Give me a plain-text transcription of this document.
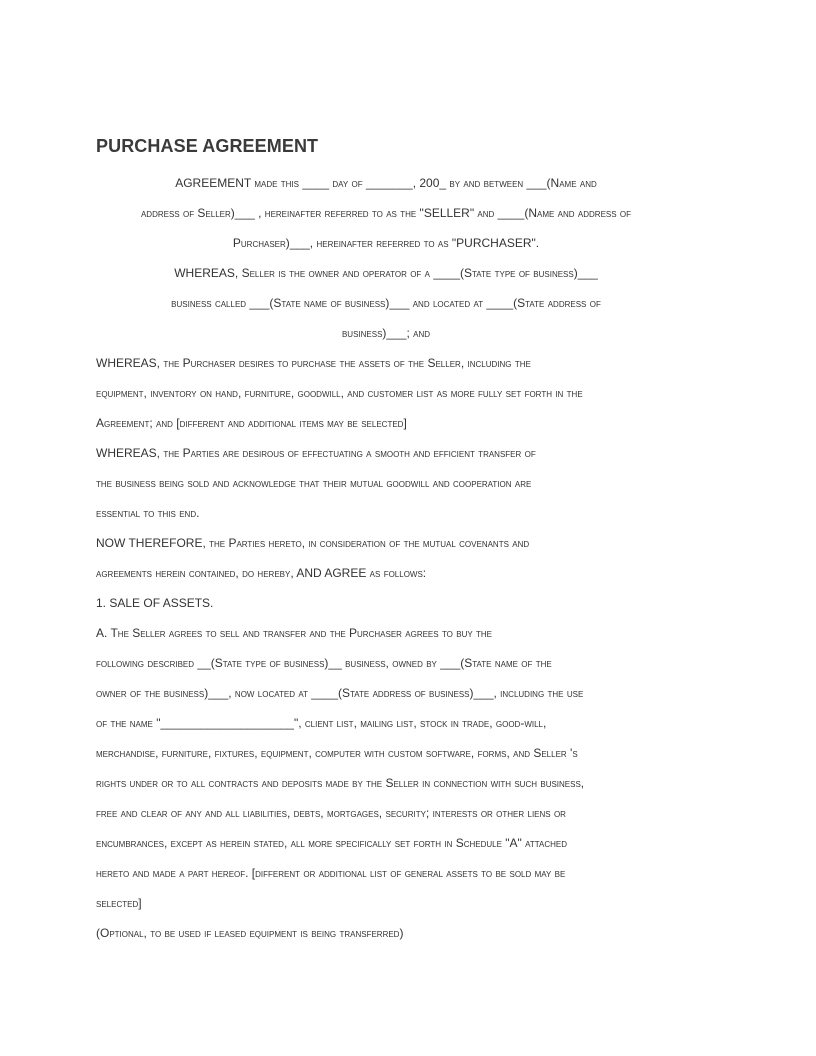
PURCHASE AGREEMENT
AGREEMENT made this ____ day of _______, 200_ by and between ___(Name and
address of Seller)___ , hereinafter referred to as the "SELLER" and ____(Name and address of
Purchaser)___, hereinafter referred to as "PURCHASER".
WHEREAS, Seller is the owner and operator of a ____(State type of business)___
business called ___(State name of business)___ and located at ____(State address of
business)___; and
WHEREAS, the Purchaser desires to purchase the assets of the Seller, including the
equipment, inventory on hand, furniture, goodwill, and customer list as more fully set forth in the
Agreement; and [different and additional items may be selected]
WHEREAS, the Parties are desirous of effectuating a smooth and efficient transfer of
the business being sold and acknowledge that their mutual goodwill and cooperation are
essential to this end.
NOW THEREFORE, the Parties hereto, in consideration of the mutual covenants and
agreements herein contained, do hereby, AND AGREE as follows:
1. SALE OF ASSETS.
A. The Seller agrees to sell and transfer and the Purchaser agrees to buy the
following described __(State type of business)__ business, owned by ___(State name of the
owner of the business)___, now located at ____(State address of business)___, including the use
of the name "____________________", client list, mailing list, stock in trade, good-will,
merchandise, furniture, fixtures, equipment, computer with custom software, forms, and Seller 's
rights under or to all contracts and deposits made by the Seller in connection with such business,
free and clear of any and all liabilities, debts, mortgages, security; interests or other liens or
encumbrances, except as herein stated, all more specifically set forth in Schedule "A" attached
hereto and made a part hereof. [different or additional list of general assets to be sold may be
selected]
(Optional, to be used if leased equipment is being transferred)
